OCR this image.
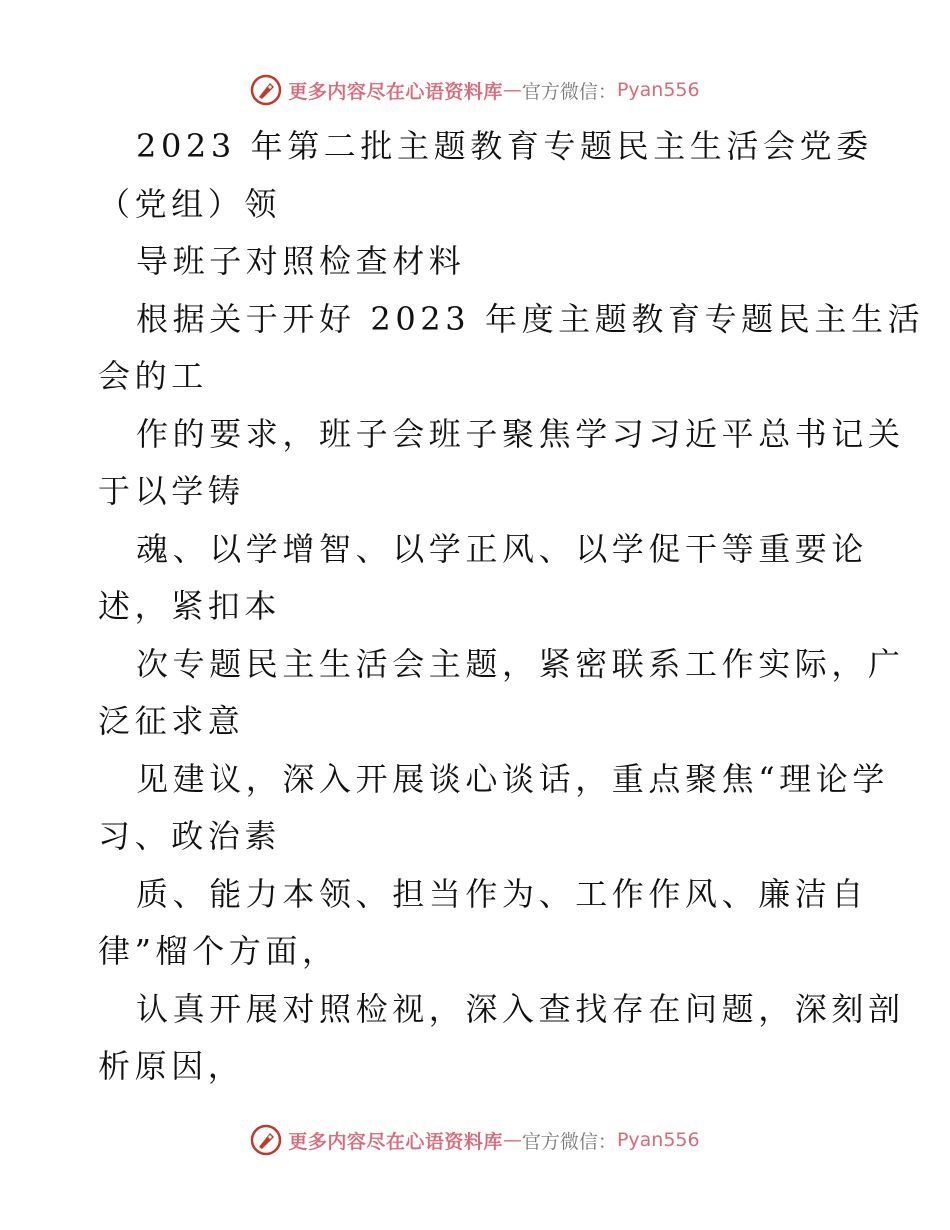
更多内容尽在心语资料库 — 官方微信： Pyan556
2023 年第二批主题教育专题民主生活会党委
（党组）领
导班子对照检查材料
根据关于开好 2023 年度主题教育专题民主生活
会的工
作的要求，班子会班子聚焦学习习近平总书记关
于以学铸
魂、以学增智、以学正风、以学促干等重要论
述，紧扣本
次专题民主生活会主题，紧密联系工作实际，广
泛征求意
见建议，深入开展谈心谈话，重点聚焦“理论学
习、政治素
质、能力本领、担当作为、工作作风、廉洁自
律”榴个方面，
认真开展对照检视，深入查找存在问题，深刻剖
析原因，
更多内容尽在心语资料库 — 官方微信： Pyan556
